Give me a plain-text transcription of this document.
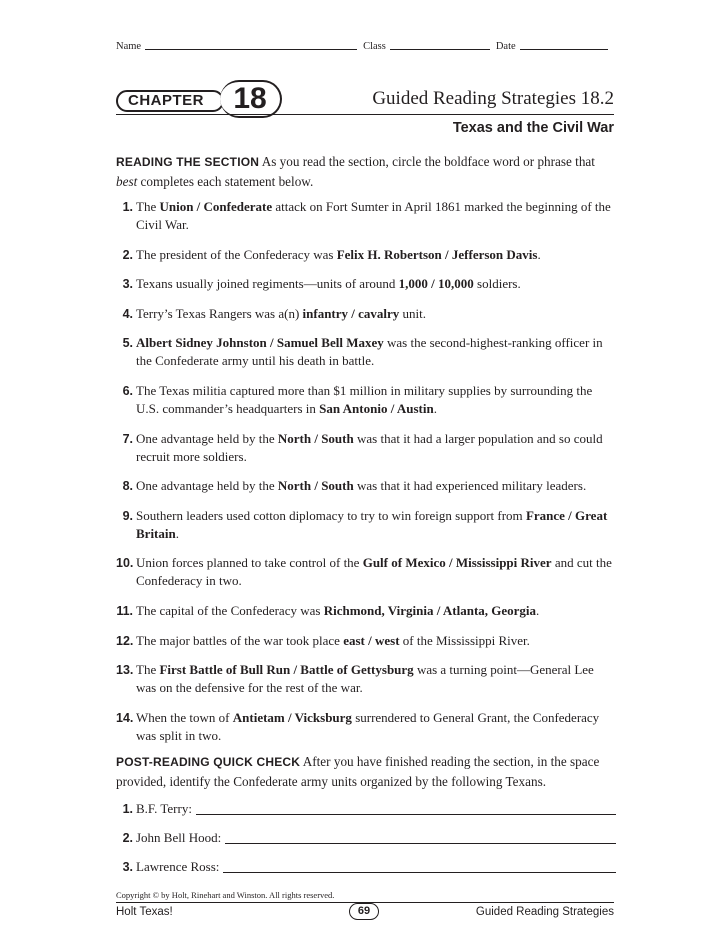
Name	Class	Date
CHAPTER 18	Guided Reading Strategies 18.2
Texas and the Civil War
READING THE SECTION As you read the section, circle the boldface word or phrase that best completes each statement below.
1. The Union / Confederate attack on Fort Sumter in April 1861 marked the beginning of the Civil War.
2. The president of the Confederacy was Felix H. Robertson / Jefferson Davis.
3. Texans usually joined regiments—units of around 1,000 / 10,000 soldiers.
4. Terry’s Texas Rangers was a(n) infantry / cavalry unit.
5. Albert Sidney Johnston / Samuel Bell Maxey was the second-highest-ranking officer in the Confederate army until his death in battle.
6. The Texas militia captured more than $1 million in military supplies by surrounding the U.S. commander’s headquarters in San Antonio / Austin.
7. One advantage held by the North / South was that it had a larger population and so could recruit more soldiers.
8. One advantage held by the North / South was that it had experienced military leaders.
9. Southern leaders used cotton diplomacy to try to win foreign support from France / Great Britain.
10. Union forces planned to take control of the Gulf of Mexico / Mississippi River and cut the Confederacy in two.
11. The capital of the Confederacy was Richmond, Virginia / Atlanta, Georgia.
12. The major battles of the war took place east / west of the Mississippi River.
13. The First Battle of Bull Run / Battle of Gettysburg was a turning point—General Lee was on the defensive for the rest of the war.
14. When the town of Antietam / Vicksburg surrendered to General Grant, the Confederacy was split in two.
POST-READING QUICK CHECK After you have finished reading the section, in the space provided, identify the Confederate army units organized by the following Texans.
1. B.F. Terry:
2. John Bell Hood:
3. Lawrence Ross:
Copyright © by Holt, Rinehart and Winston. All rights reserved.
Holt Texas!	69	Guided Reading Strategies
